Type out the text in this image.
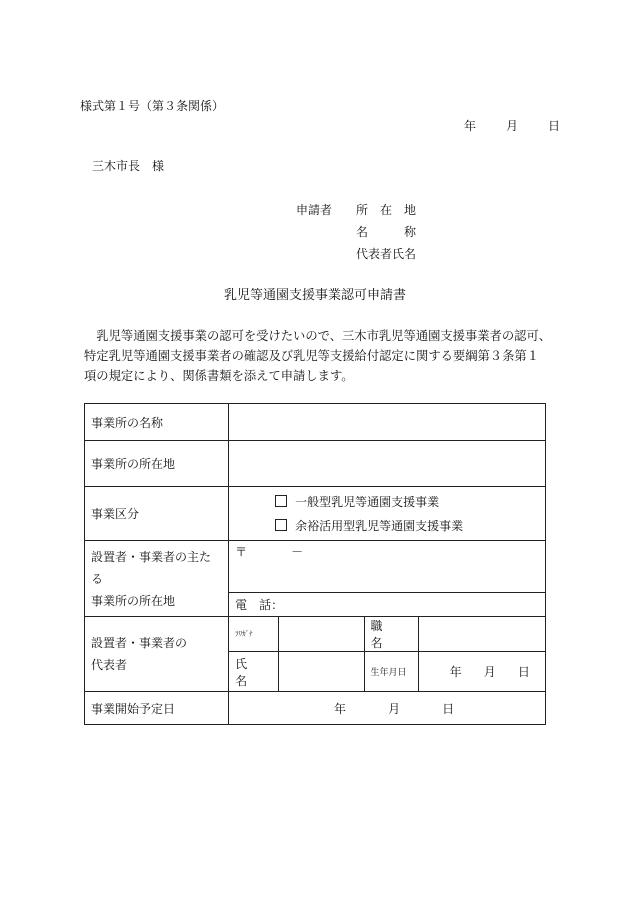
様式第１号（第３条関係）
年	月	日
三木市長　様
申請者 所　在　地
名　　　称
代表者氏名
乳児等通園支援事業認可申請書

　乳児等通園支援事業の認可を受けたいので、三木市乳児等通園支援事業者の認可、

特定乳児等通園支援事業者の確認及び乳児等支援給付認定に関する要綱第３条第１

項の規定により、関係書類を添えて申請します。

事業所の名称				
事業所の所在地				
事業区分	一般型乳児等通園支援事業
余裕活用型乳児等通園支援事業			

設置者・事業者の主たる
事業所の所在地	〒 －			
	電　話：			

設置者・事業者の
代表者	ﾌﾘｶﾞﾅ		職　　名	
	氏　　名		生年月日	年 月 日

事業開始予定日	年 月 日			
